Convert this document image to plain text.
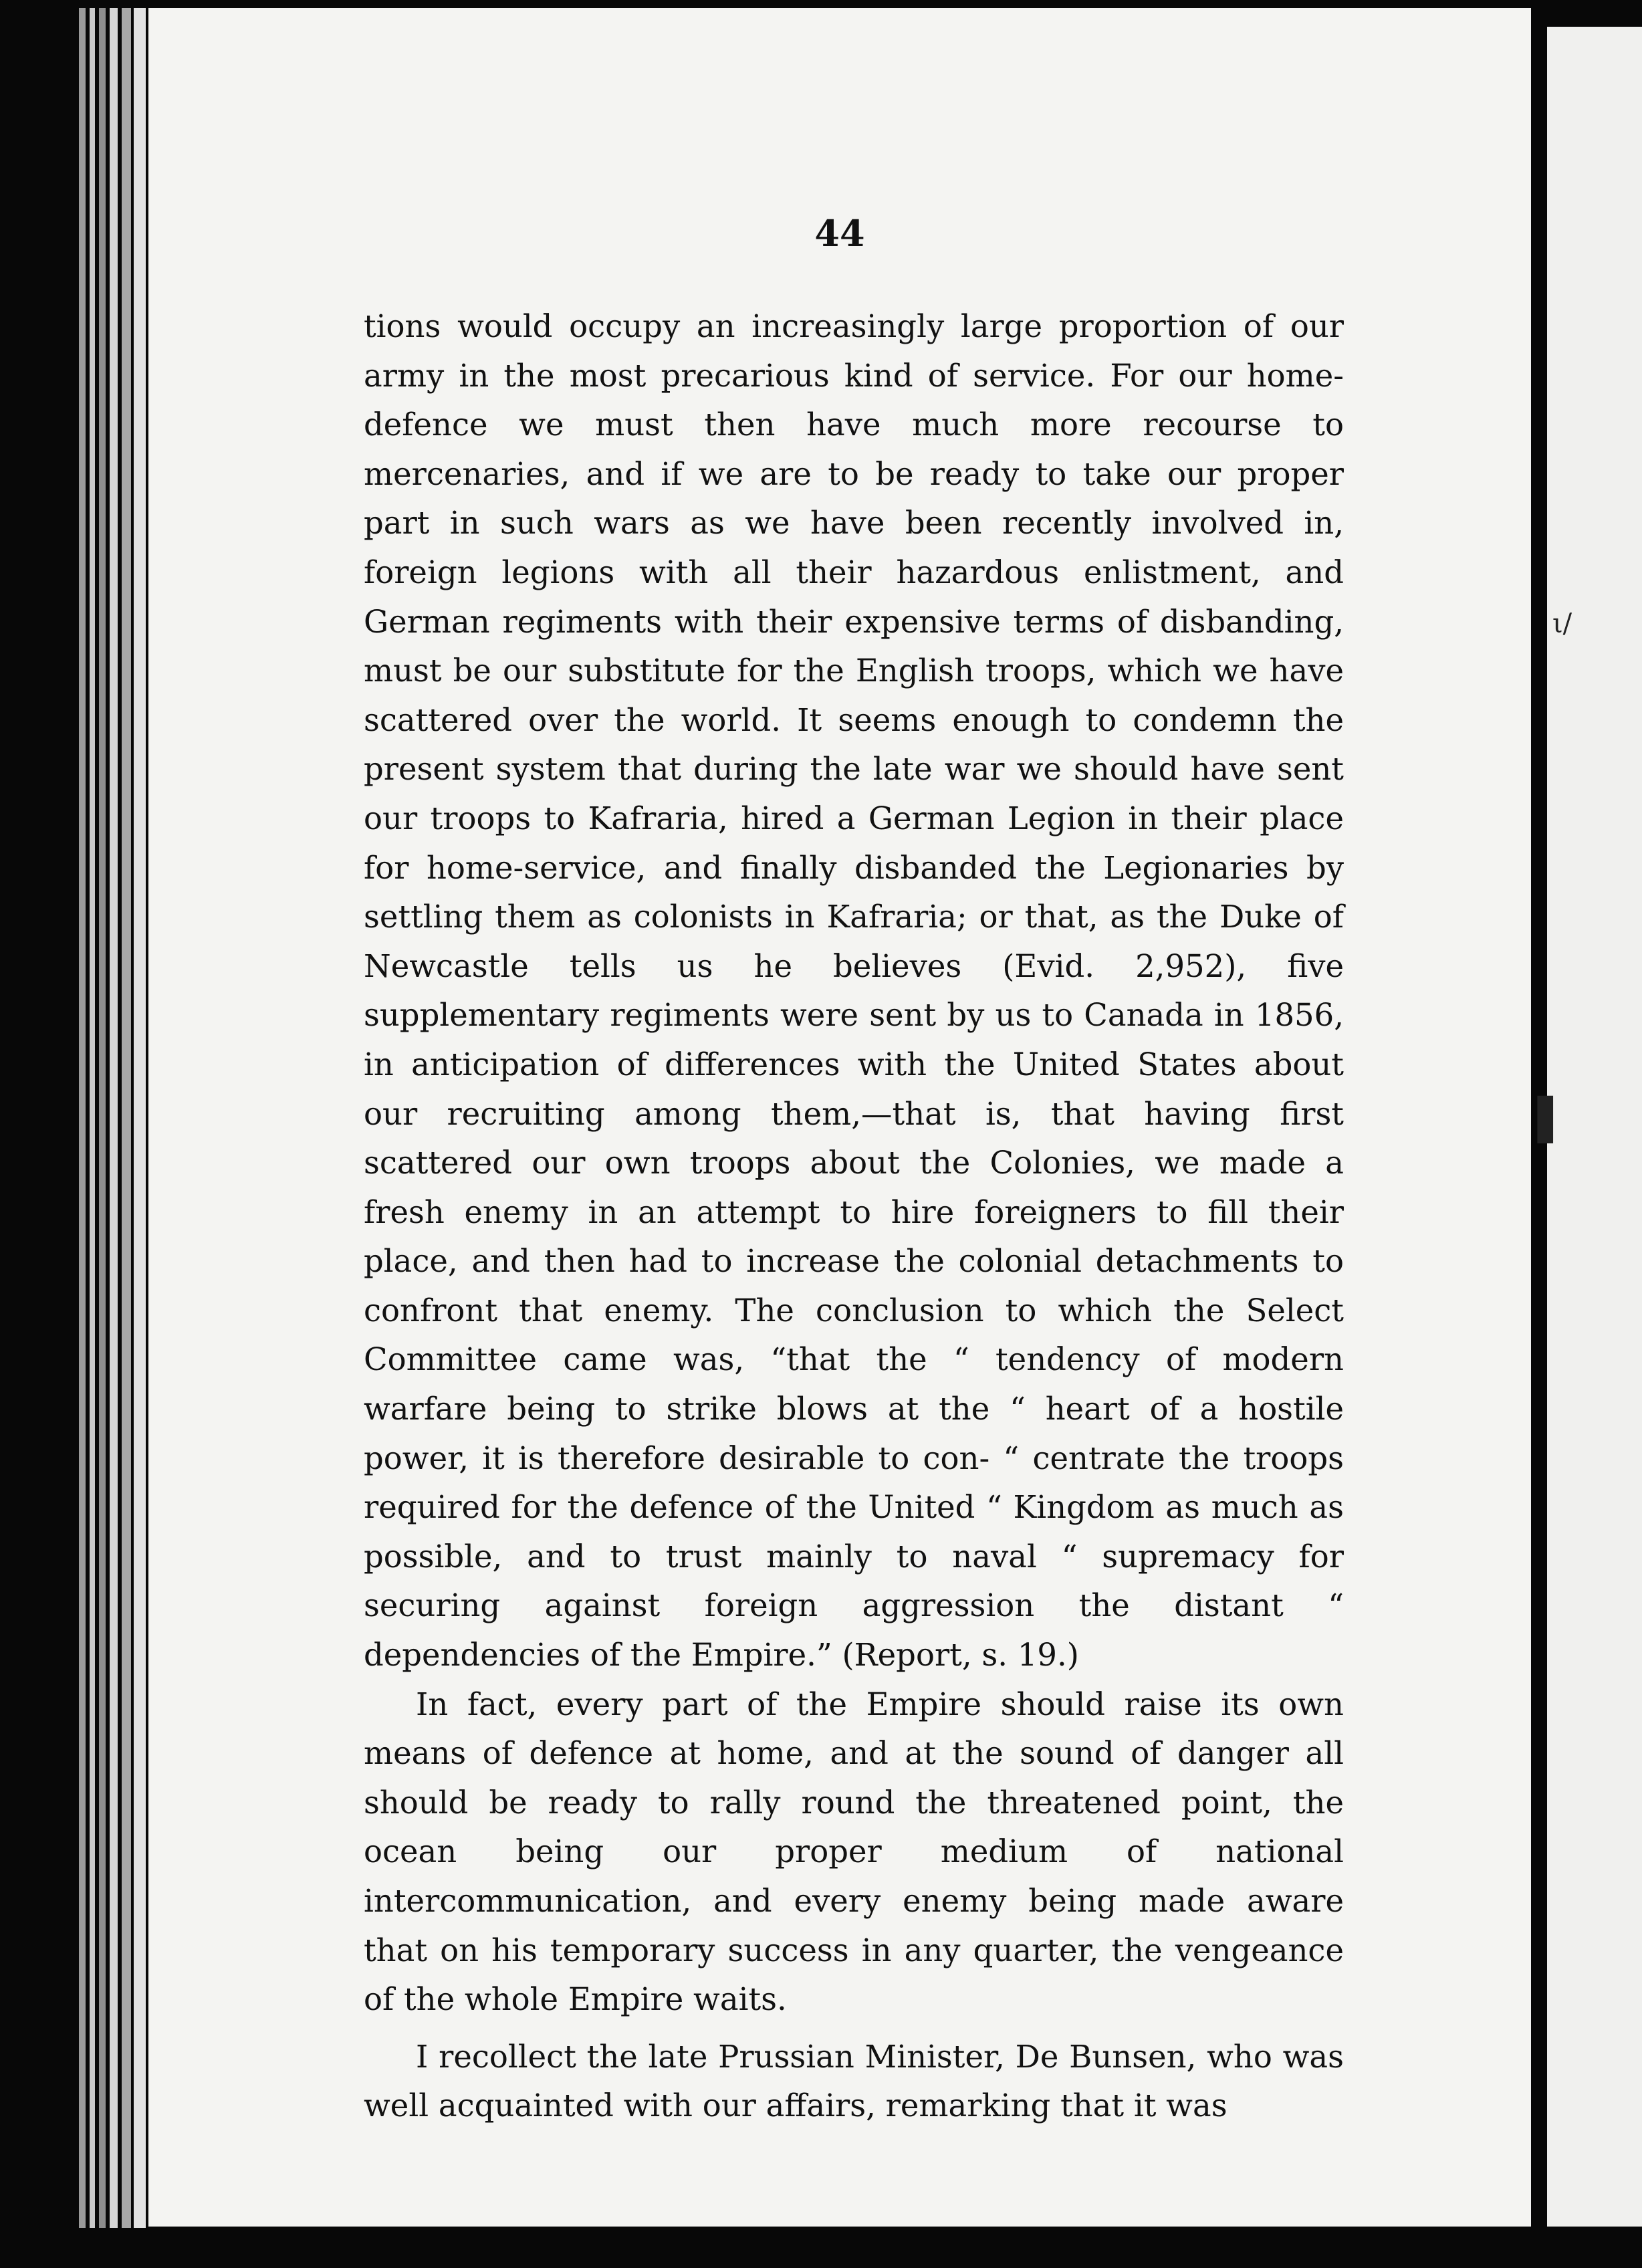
44

tions would occupy an increasingly large proportion of our army in the most precarious kind of service. For our home-defence we must then have much more recourse to mercenaries, and if we are to be ready to take our proper part in such wars as we have been recently involved in, foreign legions with all their hazardous enlistment, and German regiments with their expensive terms of disbanding, must be our substitute for the English troops, which we have scattered over the world. It seems enough to condemn the present system that during the late war we should have sent our troops to Kafraria, hired a German Legion in their place for home-service, and finally disbanded the Legionaries by settling them as colonists in Kafraria; or that, as the Duke of Newcastle tells us he believes (Evid. 2,952), five supplementary regiments were sent by us to Canada in 1856, in anticipation of differences with the United States about our recruiting among them,—that is, that having first scattered our own troops about the Colonies, we made a fresh enemy in an attempt to hire foreigners to fill their place, and then had to increase the colonial detachments to confront that enemy. The conclusion to which the Select Committee came was, “that the “ tendency of modern warfare being to strike blows at the “ heart of a hostile power, it is therefore desirable to con- “ centrate the troops required for the defence of the United “ Kingdom as much as possible, and to trust mainly to naval “ supremacy for securing against foreign aggression the distant “ dependencies of the Empire.” (Report, s. 19.)

In fact, every part of the Empire should raise its own means of defence at home, and at the sound of danger all should be ready to rally round the threatened point, the ocean being our proper medium of national intercommunication, and every enemy being made aware that on his temporary success in any quarter, the vengeance of the whole Empire waits.

I recollect the late Prussian Minister, De Bunsen, who was well acquainted with our affairs, remarking that it was

ι/
▌
